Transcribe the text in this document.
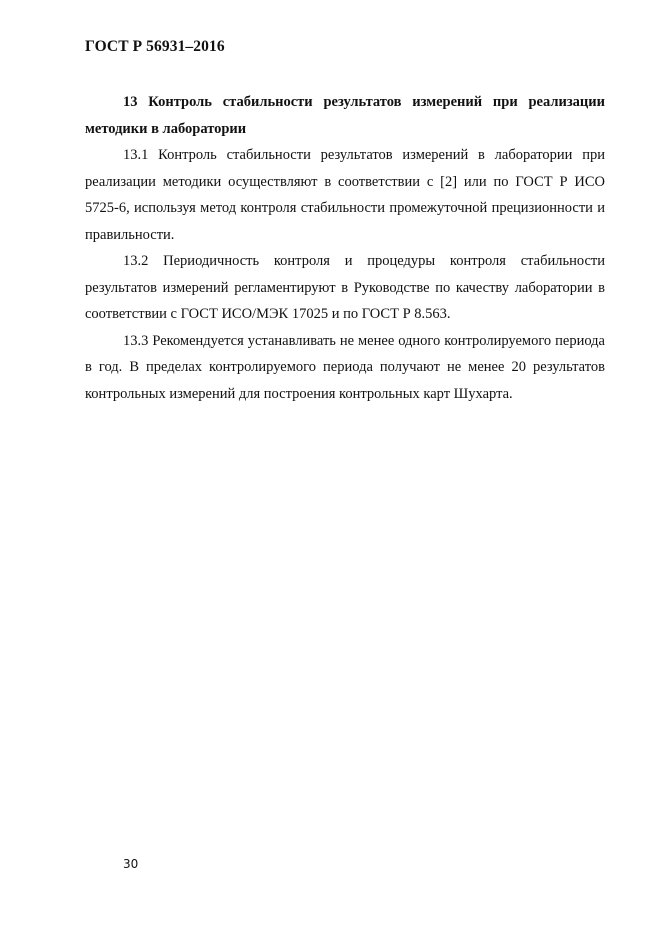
ГОСТ Р 56931–2016

13 Контроль стабильности результатов измерений при реализации методики в лаборатории

13.1 Контроль стабильности результатов измерений в лаборатории при реализации методики осуществляют в соответствии с [2] или по ГОСТ Р ИСО 5725-6, используя метод контроля стабильности промежуточной прецизионности и правильности.

13.2 Периодичность контроля и процедуры контроля стабильности результатов измерений регламентируют в Руководстве по качеству лаборатории в соответствии с ГОСТ ИСО/МЭК 17025 и по ГОСТ Р 8.563.

13.3 Рекомендуется устанавливать не менее одного контролируемого периода в год. В пределах контролируемого периода получают не менее 20 результатов контрольных измерений для построения контрольных карт Шухарта.

30
